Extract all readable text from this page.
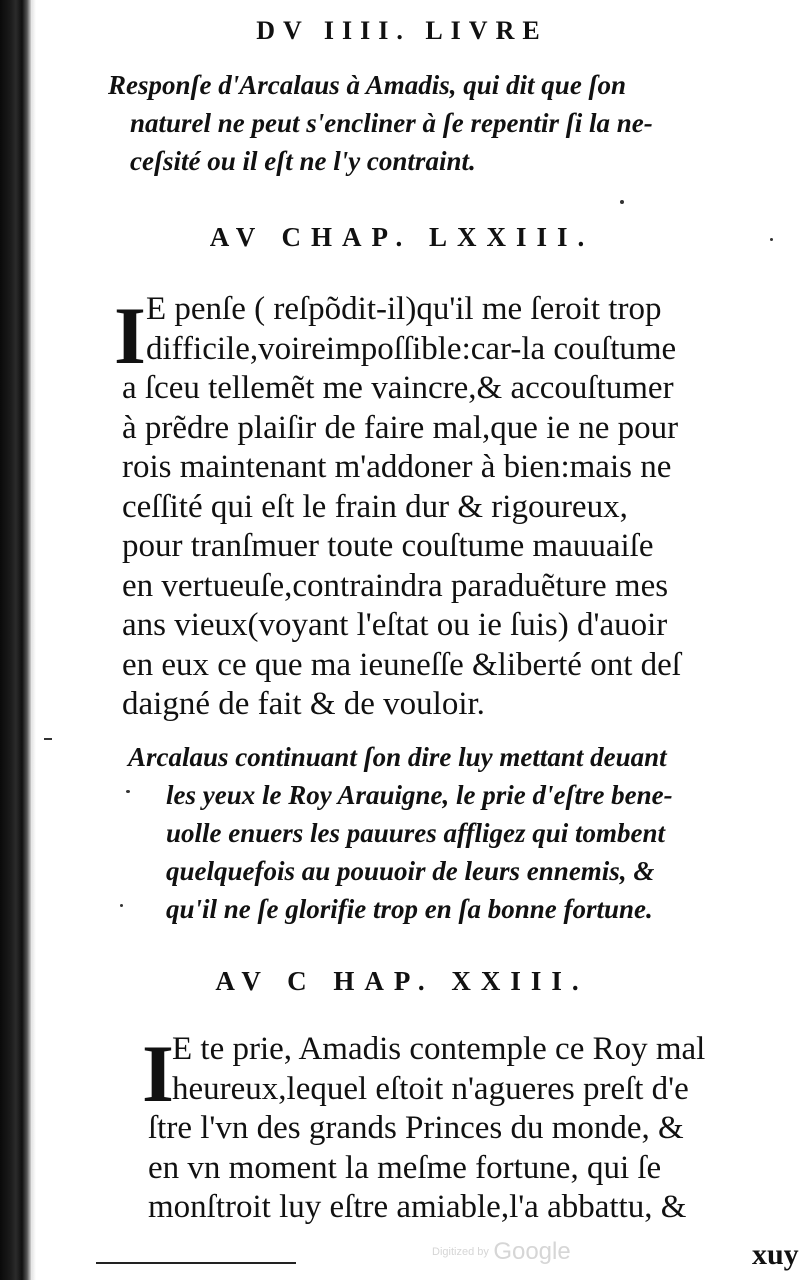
DV IIII. LIVRE
Responſe d'Arcalaus à Amadis, qui dit que ſon
naturel ne peut s'encliner à ſe repentir ſi la ne-
ceſsité ou il eſt ne l'y contraint.
AV CHAP. LXXIII.
I E penſe ( reſpõdit-il)qu'il me ſeroit trop
difficile,voireimpoſſible:car-la couſtume
a ſceu tellemẽt me vaincre,& accouſtumer
à prẽdre plaiſir de faire mal,que ie ne pour
rois maintenant m'addoner à bien:mais ne
ceſſité qui eſt le frain dur & rigoureux,
pour tranſmuer toute couſtume mauuaiſe
en vertueuſe,contraindra paraduẽture mes
ans vieux(voyant l'eſtat ou ie ſuis) d'auoir
en eux ce que ma ieuneſſe &liberté ont deſ
daigné de fait & de vouloir.
Arcalaus continuant ſon dire luy mettant deuant
les yeux le Roy Arauigne, le prie d'eſtre bene-
uolle enuers les pauures affligez qui tombent
quelquefois au pouuoir de leurs ennemis, &
qu'il ne ſe glorifie trop en ſa bonne fortune.
AV C HAP. XXIII.
I
E te prie, Amadis contemple ce Roy mal
heureux,lequel eſtoit n'agueres preſt d'e
ſtre l'vn des grands Princes du monde, &
en vn moment la meſme fortune, qui ſe
monſtroit luy eſtre amiable,l'a abbattu, &
Digitized by Google	xuy
